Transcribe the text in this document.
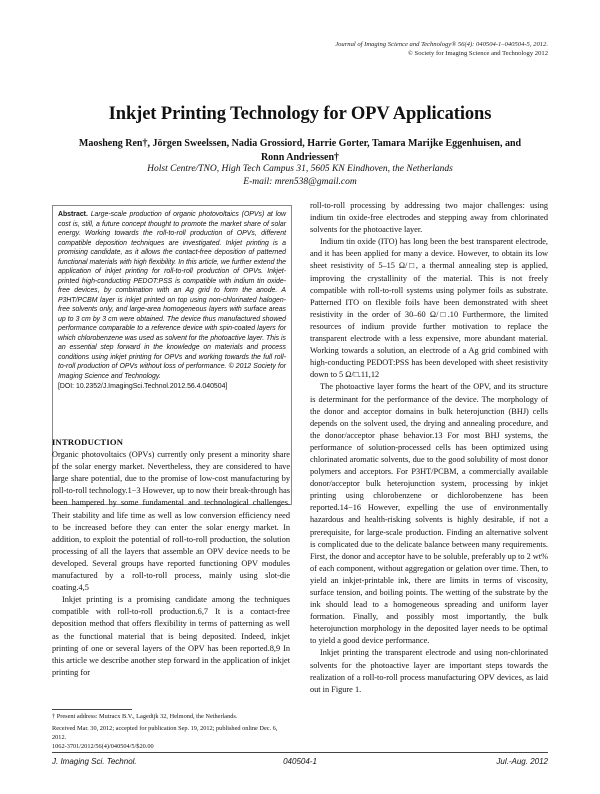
Journal of Imaging Science and Technology® 56(4): 040504-1–040504-5, 2012.
© Society for Imaging Science and Technology 2012
Inkjet Printing Technology for OPV Applications
Maosheng Ren†, Jörgen Sweelssen, Nadia Grossiord, Harrie Gorter, Tamara Marijke Eggenhuisen, and Ronn Andriessen†
Holst Centre/TNO, High Tech Campus 31, 5605 KN Eindhoven, the Netherlands
E-mail: mren538@gmail.com
Abstract. Large-scale production of organic photovoltaics (OPVs) at low cost is, still, a future concept thought to promote the market share of solar energy. Working towards the roll-to-roll production of OPVs, different compatible deposition techniques are investigated. Inkjet printing is a promising candidate, as it allows the contact-free deposition of patterned functional materials with high flexibility. In this article, we further extend the application of inkjet printing for roll-to-roll production of OPVs. Inkjet-printed high-conducting PEDOT:PSS is compatible with indium tin oxide-free devices, by combination with an Ag grid to form the anode. A P3HT/PCBM layer is inkjet printed on top using non-chlorinated halogen-free solvents only, and large-area homogeneous layers with surface areas up to 3 cm by 3 cm were obtained. The device thus manufactured showed performance comparable to a reference device with spin-coated layers for which chlorobenzene was used as solvent for the photoactive layer. This is an essential step forward in the knowledge on materials and process conditions using inkjet printing for OPVs and working towards the full roll-to-roll production of OPVs without loss of performance. © 2012 Society for Imaging Science and Technology.
[DOI: 10.2352/J.ImagingSci.Technol.2012.56.4.040504]
INTRODUCTION

Organic photovoltaics (OPVs) currently only present a minority share of the solar energy market. Nevertheless, they are considered to have large share potential, due to the promise of low-cost manufacturing by roll-to-roll technology.1−3 However, up to now their break-through has been hampered by some fundamental and technological challenges. Their stability and life time as well as low conversion efficiency need to be increased before they can enter the solar energy market. In addition, to exploit the potential of roll-to-roll production, the solution processing of all the layers that assemble an OPV device needs to be developed. Several groups have reported functioning OPV modules manufactured by a roll-to-roll process, mainly using slot-die coating.4,5

Inkjet printing is a promising candidate among the techniques compatible with roll-to-roll production.6,7 It is a contact-free deposition method that offers flexibility in terms of patterning as well as the functional material that is being deposited. Indeed, inkjet printing of one or several layers of the OPV has been reported.8,9 In this article we describe another step forward in the application of inkjet printing for

roll-to-roll processing by addressing two major challenges: using indium tin oxide-free electrodes and stepping away from chlorinated solvents for the photoactive layer.

Indium tin oxide (ITO) has long been the best transparent electrode, and it has been applied for many a device. However, to obtain its low sheet resistivity of 5–15 Ω/□, a thermal annealing step is applied, improving the crystallinity of the material. This is not freely compatible with roll-to-roll systems using polymer foils as substrate. Patterned ITO on flexible foils have been demonstrated with sheet resistivity in the order of 30–60 Ω/□.10 Furthermore, the limited resources of indium provide further motivation to replace the transparent electrode with a less expensive, more abundant material. Working towards a solution, an electrode of a Ag grid combined with high-conducting PEDOT:PSS has been developed with sheet resistivity down to 5 Ω/□.11,12

The photoactive layer forms the heart of the OPV, and its structure is determinant for the performance of the device. The morphology of the donor and acceptor domains in bulk heterojunction (BHJ) cells depends on the solvent used, the drying and annealing procedure, and the donor/acceptor phase behavior.13 For most BHJ systems, the performance of solution-processed cells has been optimized using chlorinated aromatic solvents, due to the good solubility of most donor polymers and acceptors. For P3HT/PCBM, a commercially available donor/acceptor bulk heterojunction system, processing by inkjet printing using chlorobenzene or dichlorobenzene has been reported.14−16 However, expelling the use of environmentally hazardous and health-risking solvents is highly desirable, if not a prerequisite, for large-scale production. Finding an alternative solvent is complicated due to the delicate balance between many requirements. First, the donor and acceptor have to be soluble, preferably up to 2 wt% of each component, without aggregation or gelation over time. Then, to yield an inkjet-printable ink, there are limits in terms of viscosity, surface tension, and boiling points. The wetting of the substrate by the ink should lead to a homogeneous spreading and uniform layer formation. Finally, and possibly most importantly, the bulk heterojunction morphology in the deposited layer needs to be optimal to yield a good device performance.

Inkjet printing the transparent electrode and using non-chlorinated solvents for the photoactive layer are important steps towards the realization of a roll-to-roll process manufacturing OPV devices, as laid out in Figure 1.

† Present address: Mutracx B.V., Lagedijk 32, Helmond, the Netherlands.
Received Mar. 30, 2012; accepted for publication Sep. 19, 2012; published online Dec. 6, 2012.
1062-3701/2012/56(4)/040504/5/$20.00
J. Imaging Sci. Technol.	040504-1	Jul.-Aug. 2012
